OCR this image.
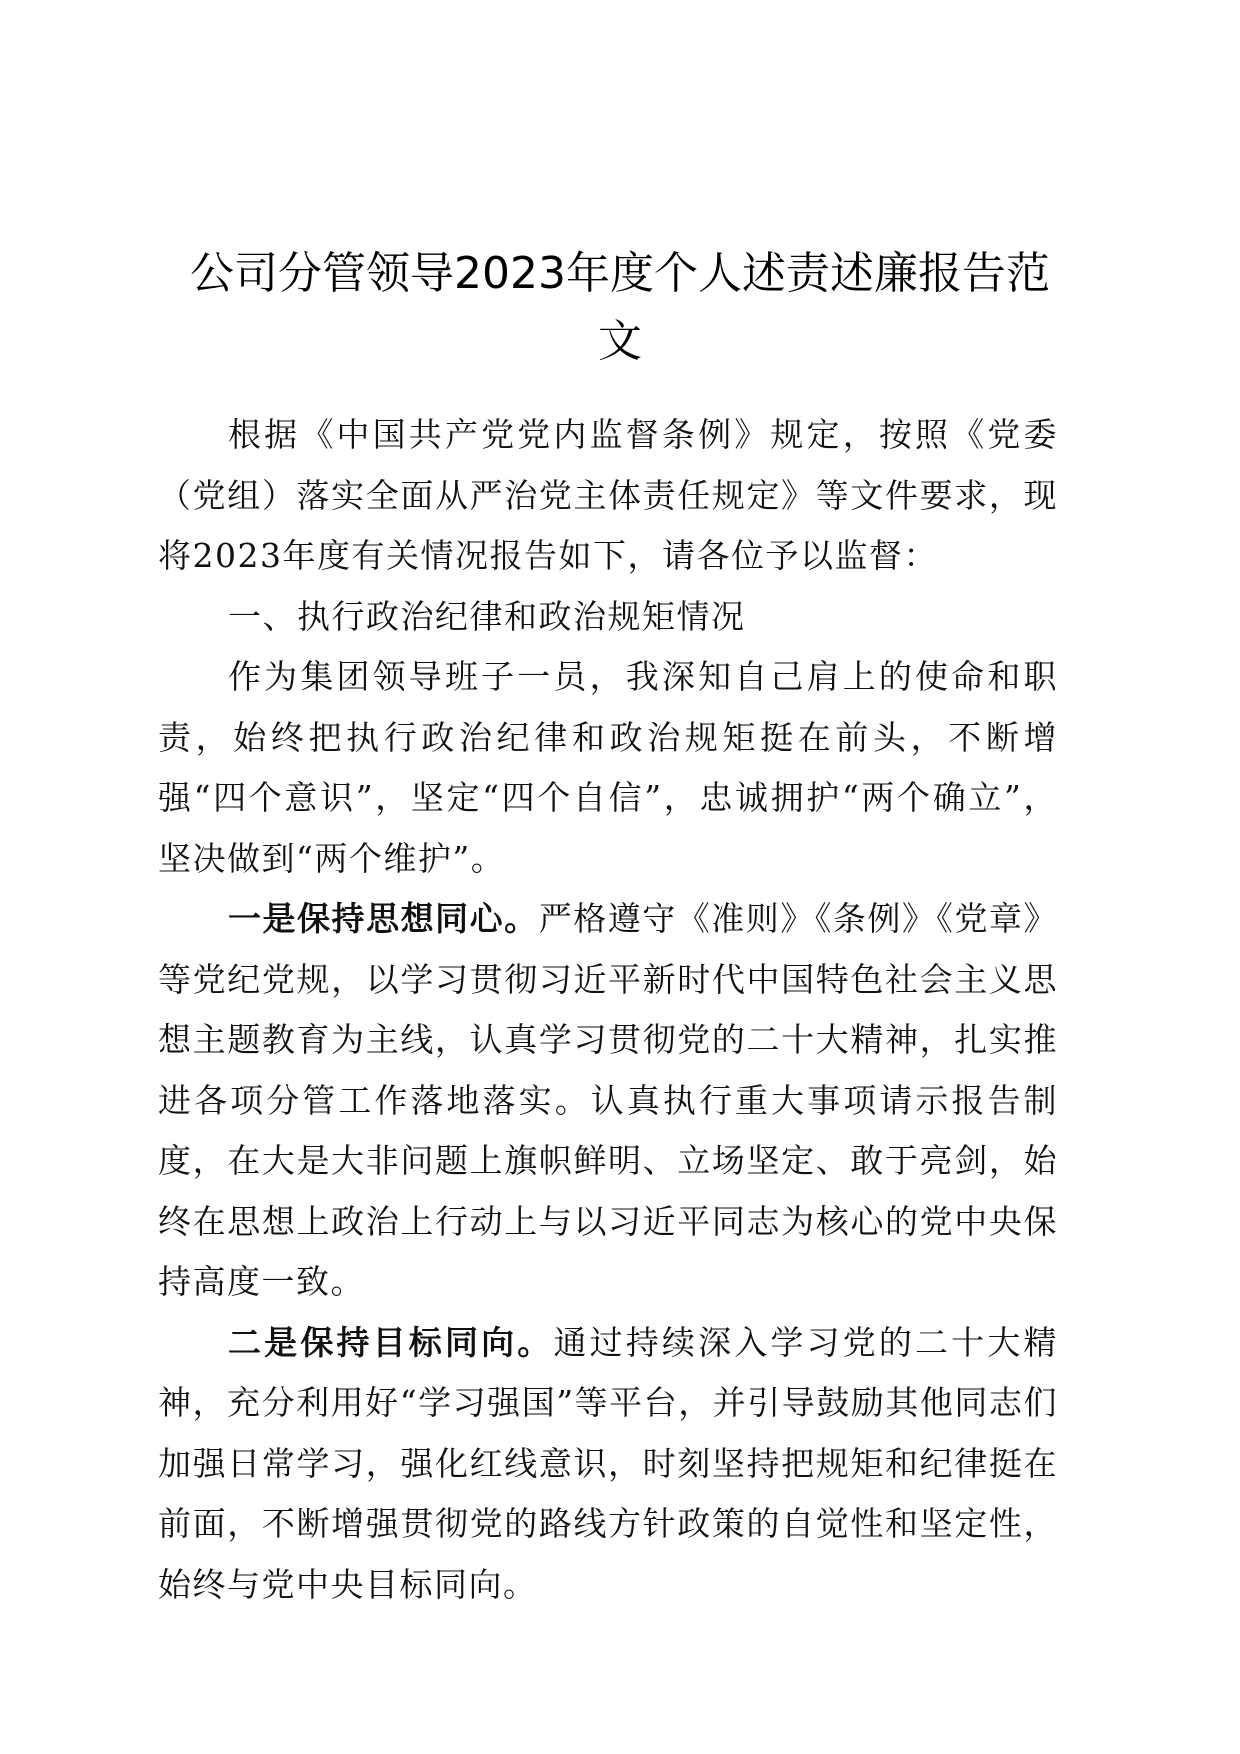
公司分管领导2023年度个人述责述廉报告范
文

根据《中国共产党党内监督条例》规定，按照《党委（党组）落实全面从严治党主体责任规定》等文件要求，现将2023年度有关情况报告如下，请各位予以监督：

一、执行政治纪律和政治规矩情况

作为集团领导班子一员，我深知自己肩上的使命和职责，始终把执行政治纪律和政治规矩挺在前头，不断增强“四个意识”，坚定“四个自信”，忠诚拥护“两个确立”，坚决做到“两个维护”。

一是保持思想同心。严格遵守《准则》《条例》《党章》等党纪党规，以学习贯彻习近平新时代中国特色社会主义思想主题教育为主线，认真学习贯彻党的二十大精神，扎实推进各项分管工作落地落实。认真执行重大事项请示报告制度，在大是大非问题上旗帜鲜明、立场坚定、敢于亮剑，始终在思想上政治上行动上与以习近平同志为核心的党中央保持高度一致。

二是保持目标同向。通过持续深入学习党的二十大精神，充分利用好“学习强国”等平台，并引导鼓励其他同志们加强日常学习，强化红线意识，时刻坚持把规矩和纪律挺在前面，不断增强贯彻党的路线方针政策的自觉性和坚定性，始终与党中央目标同向。
